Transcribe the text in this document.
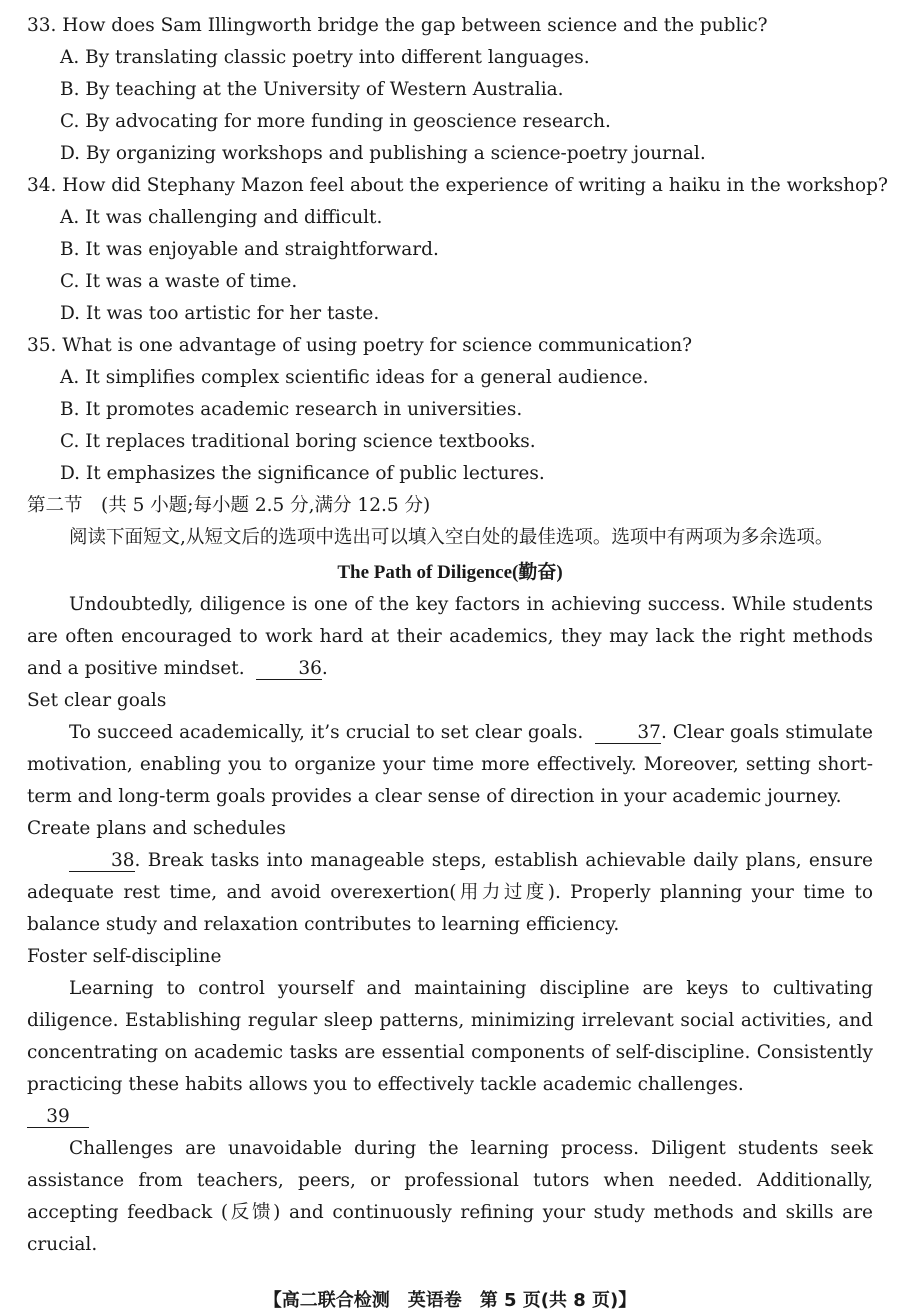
33. How does Sam Illingworth bridge the gap between science and the public?
A. By translating classic poetry into different languages.
B. By teaching at the University of Western Australia.
C. By advocating for more funding in geoscience research.
D. By organizing workshops and publishing a science-poetry journal.
34. How did Stephany Mazon feel about the experience of writing a haiku in the workshop?
A. It was challenging and difficult.
B. It was enjoyable and straightforward.
C. It was a waste of time.
D. It was too artistic for her taste.
35. What is one advantage of using poetry for science communication?
A. It simplifies complex scientific ideas for a general audience.
B. It promotes academic research in universities.
C. It replaces traditional boring science textbooks.
D. It emphasizes the significance of public lectures.
第二节　(共 5 小题;每小题 2.5 分,满分 12.5 分)

阅读下面短文,从短文后的选项中选出可以填入空白处的最佳选项。选项中有两项为多余选项。

The Path of Diligence(勤奋)

Undoubtedly, diligence is one of the key factors in achieving success. While students are often encouraged to work hard at their academics, they may lack the right methods and a positive mindset.	36.

Set clear goals

To succeed academically, it’s crucial to set clear goals.	37. Clear goals stimulate motivation, enabling you to organize your time more effectively. Moreover, setting short-term and long-term goals provides a clear sense of direction in your academic journey.

Create plans and schedules

38. Break tasks into manageable steps, establish achievable daily plans, ensure adequate rest time, and avoid overexertion(用力过度). Properly planning your time to balance study and relaxation contributes to learning efficiency.

Foster self-discipline

Learning to control yourself and maintaining discipline are keys to cultivating diligence. Establishing regular sleep patterns, minimizing irrelevant social activities, and concentrating on academic tasks are essential components of self-discipline. Consistently practicing these habits allows you to effectively tackle academic challenges.

39

Challenges are unavoidable during the learning process. Diligent students seek assistance from teachers, peers, or professional tutors when needed. Additionally, accepting feedback (反馈) and continuously refining your study methods and skills are crucial.

【高二联合检测　英语卷　第 5 页(共 8 页)】
